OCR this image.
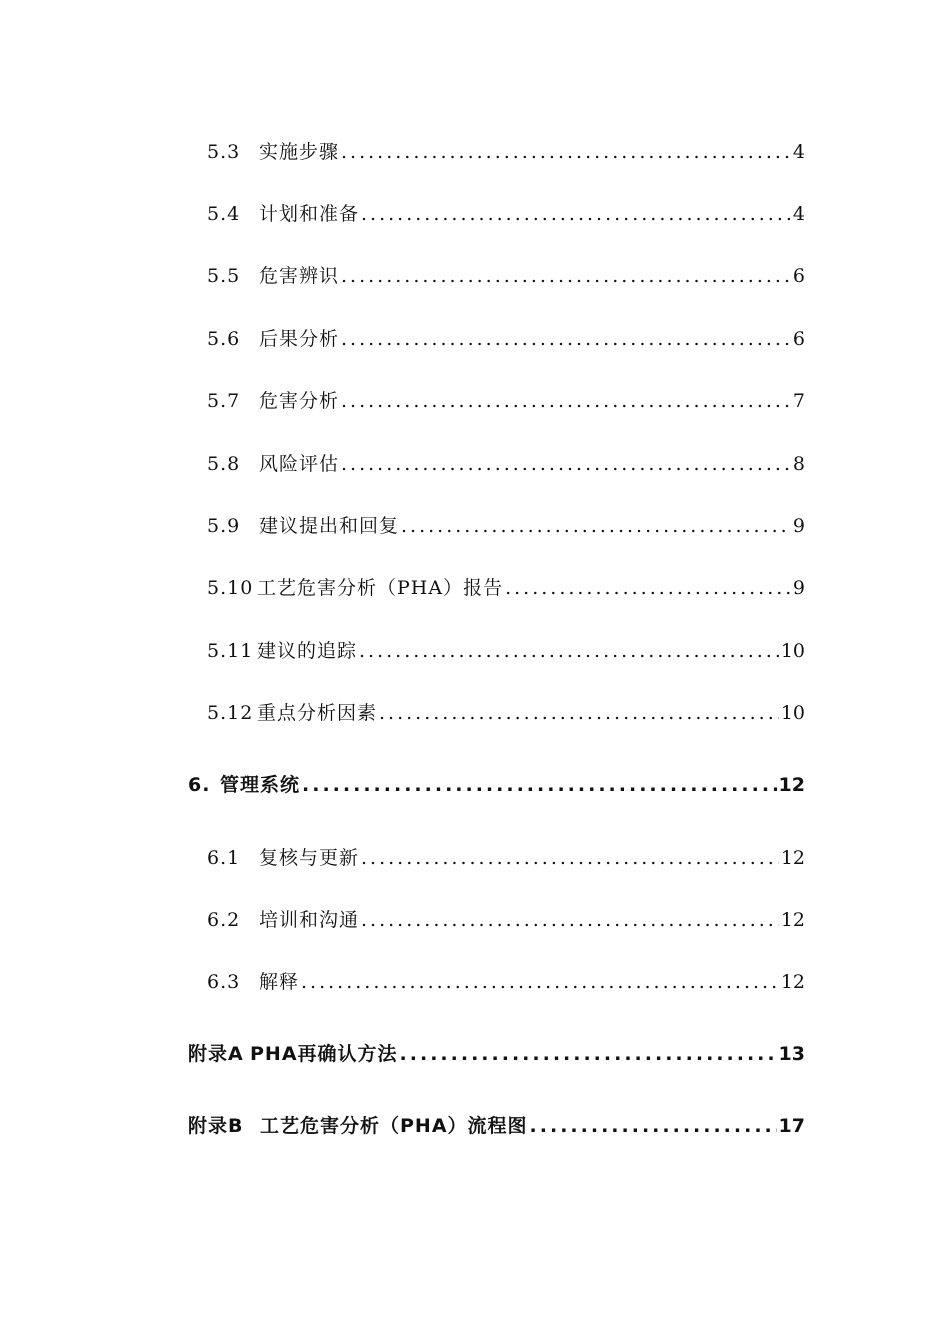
5.3 实施步骤 .....	4
5.4 计划和准备 .....	4
5.5 危害辨识 .....	6
5.6 后果分析 .....	6
5.7 危害分析 .....	7
5.8 风险评估 .....	8
5.9 建议提出和回复 .....	9
5.10 工艺危害分析（PHA）报告 .....	9
5.11 建议的追踪 .....	10
5.12 重点分析因素 .....	10
6. 管理系统 .....	12
6.1 复核与更新 .....	12
6.2 培训和沟通 .....	12
6.3 解释 .....	12
附录A PHA再确认方法 .....	13
附录B 工艺危害分析（PHA）流程图 .....	17
